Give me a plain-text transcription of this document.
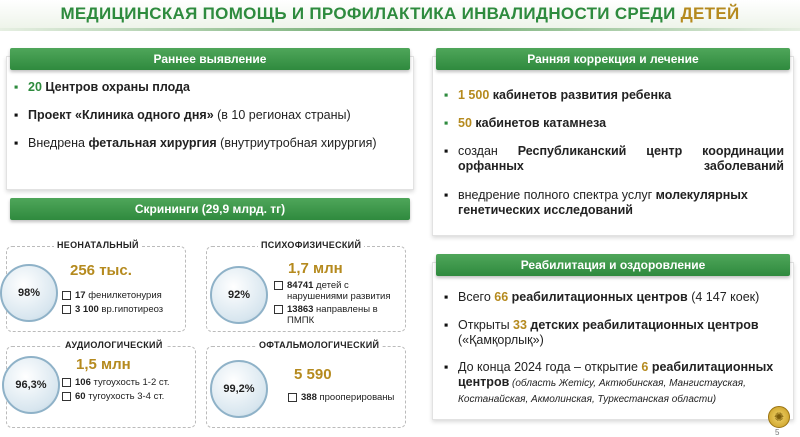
МЕДИЦИНСКАЯ ПОМОЩЬ И ПРОФИЛАКТИКА ИНВАЛИДНОСТИ СРЕДИ ДЕТЕЙ
Раннее выявление
▪ 20 Центров охраны плода
▪ Проект «Клиника одного дня» (в 10 регионах страны)
▪ Внедрена фетальная хирургия (внутриутробная хирургия)
Скрининги (29,9 млрд. тг)
НЕОНАТАЛЬНЫЙ
98%
256 тыс.
17 фенилкетонурия
3 100 вр.гипотиреоз
ПСИХОФИЗИЧЕСКИЙ
92%
1,7 млн
84741 детей с нарушениями развития
13863 направлены в ПМПК
АУДИОЛОГИЧЕСКИЙ
96,3%
1,5 млн
106 тугоухость 1-2 ст.
60 тугоухость 3-4 ст.
ОФТАЛЬМОЛОГИЧЕСКИЙ
99,2%
5 590
388 прооперированы
Ранняя коррекция и лечение
▪ 1 500 кабинетов развития ребенка
▪ 50 кабинетов катамнеза
▪ создан Республиканский центр координации орфанных заболеваний
▪ внедрение полного спектра услуг молекулярных генетических исследований
Реабилитация и оздоровление
▪ Всего 66 реабилитационных центров (4 147 коек)
▪ Открыты 33 детских реабилитационных центров («Қамқорлық»)
▪ До конца 2024 года – открытие 6 реабилитационных центров (область Жетісу, Актюбинская, Мангистауская, Костанайская, Акмолинская, Туркестанская области)
✺
5
